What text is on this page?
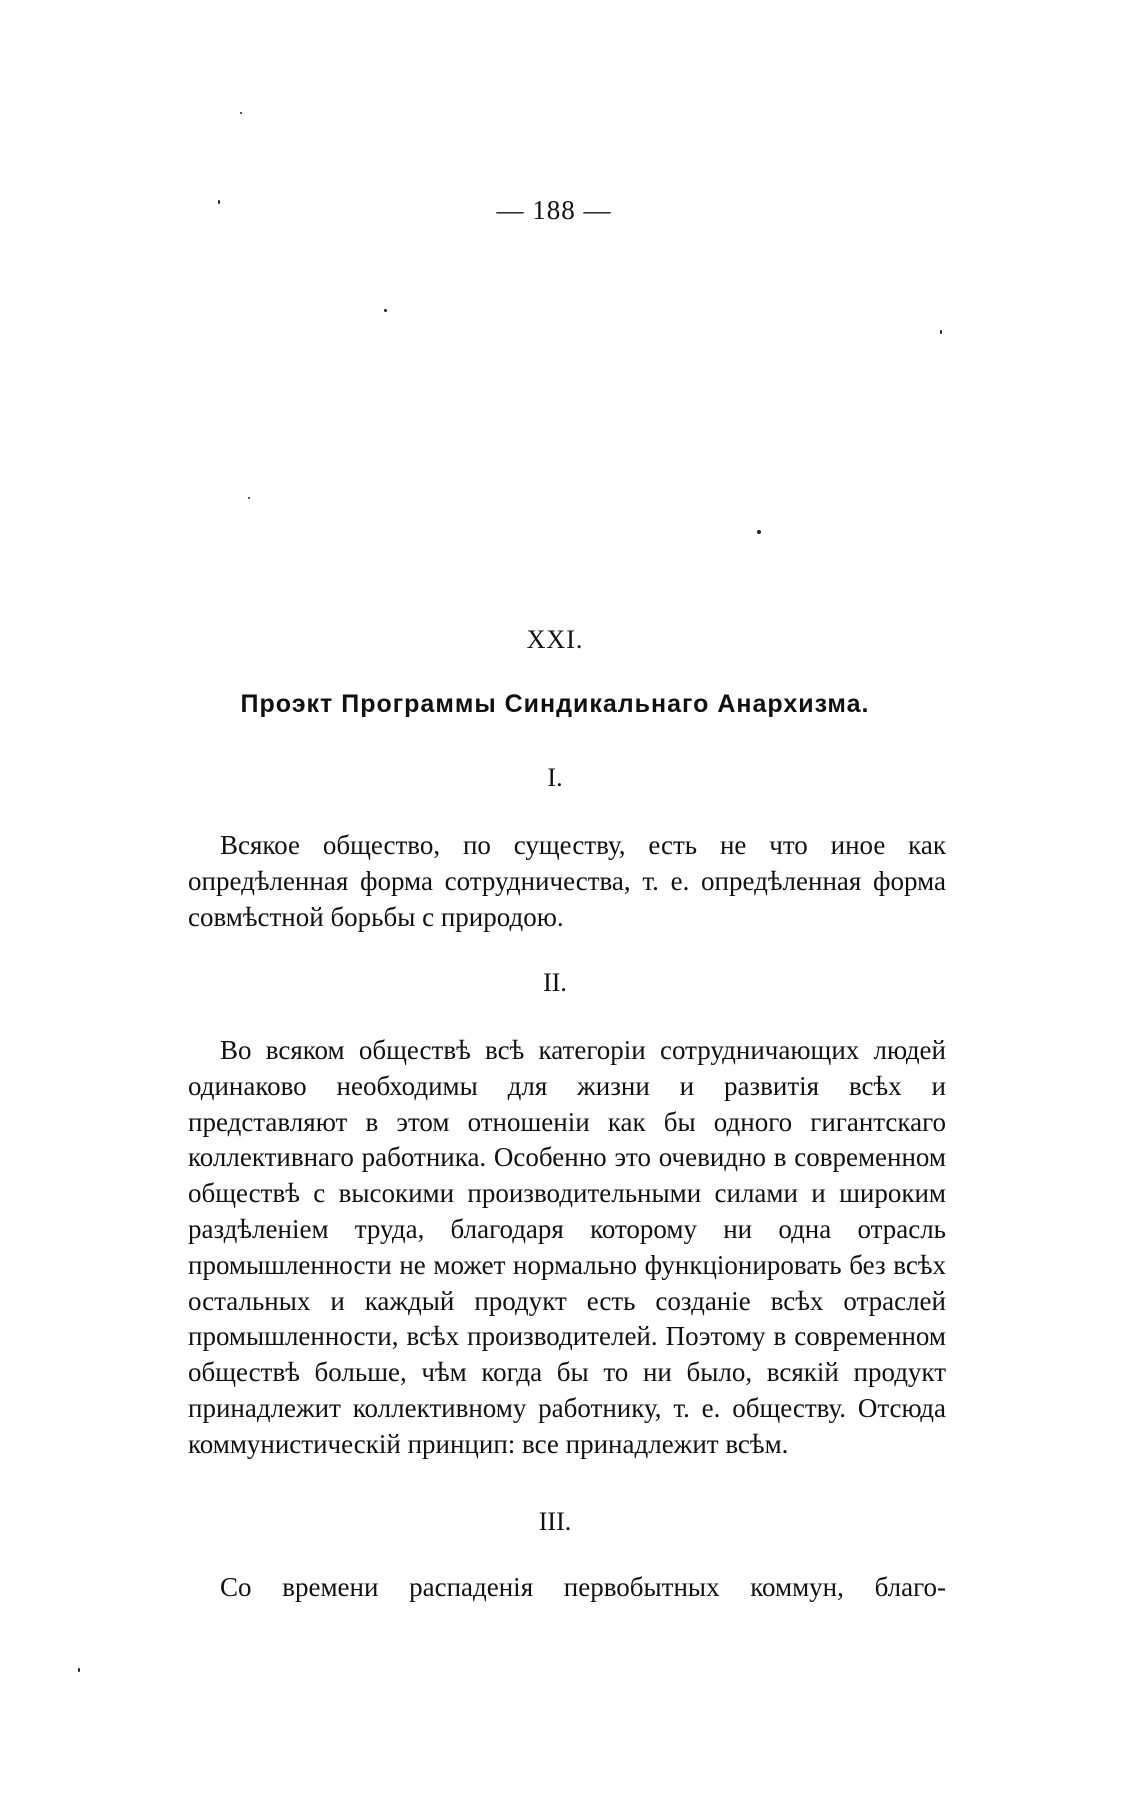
— 188 —
XXI.
Проэкт Программы Синдикальнаго Анархизма.
I.

Всякое общество, по существу, есть не что иное как опредѣленная форма сотрудничества, т. е. опредѣленная форма совмѣстной борьбы с природою.

II.

Во всяком обществѣ всѣ категорiи сотрудничающих людей одинаково необходимы для жизни и развитiя всѣх и представляют в этом отношенiи как бы одного гигантскаго коллективнаго работника. Особенно это очевидно в современном обществѣ с высокими производительными силами и широким раздѣленiем труда, благодаря которому ни одна отрасль промышленности не может нормально функцiонировать без всѣх остальных и каждый продукт есть созданiе всѣх отраслей промышленности, всѣх производителей. Поэтому в современном обществѣ больше, чѣм когда бы то ни было, всякiй продукт принадлежит коллективному работнику, т. е. обществу. Отсюда коммунистическiй принцип: все принадлежит всѣм.

III.

Со времени распаденiя первобытных коммун, благо-
